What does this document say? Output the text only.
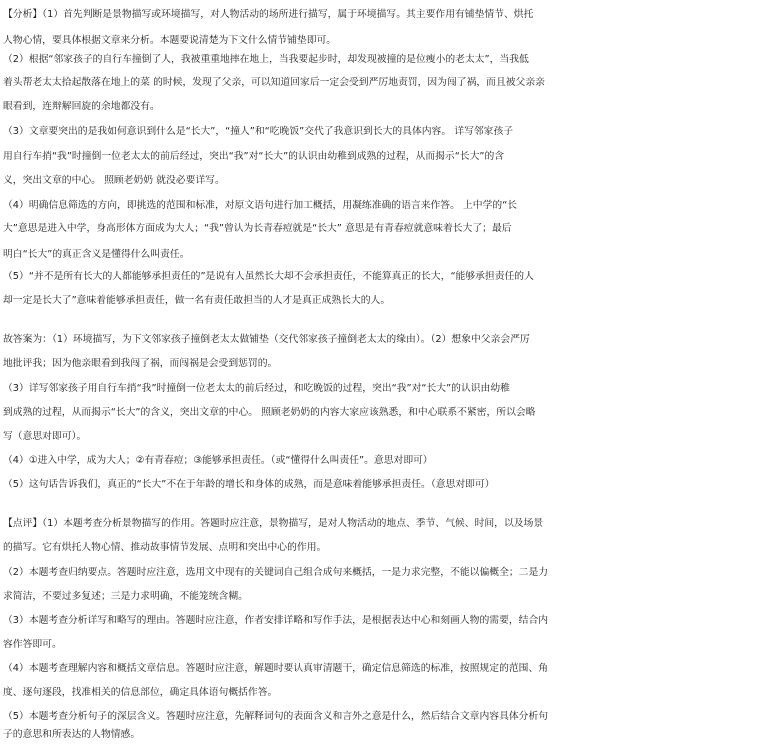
【分析】（1）首先判断是景物描写或环境描写，对人物活动的场所进行描写，属于环境描写。其主要作用有铺垫情节、烘托
人物心情，要具体根据文章来分析。本题要说清楚为下文什么情节铺垫即可。
（2）根据“邻家孩子的自行车撞倒了人，我被重重地摔在地上，当我要起步时，却发现被撞的是位瘦小的老太太”，当我低
着头帮老太太拾起散落在地上的菜 的时候，发现了父亲，可以知道回家后一定会受到严厉地责罚，因为闯了祸，而且被父亲亲
眼看到，连辩解回旋的余地都没有。
（3）文章要突出的是我如何意识到什么是“长大”，“撞人”和“吃晚饭”交代了我意识到长大的具体内容。 详写邻家孩子
用自行车捎“我”时撞倒一位老太太的前后经过，突出“我”对“长大”的认识由幼稚到成熟的过程，从而揭示“长大”的含
义，突出文章的中心。 照顾老奶奶 就没必要详写。
（4）明确信息筛选的方向，即挑选的范围和标准，对原文语句进行加工概括，用凝练准确的语言来作答。 上中学的“长
大”意思是进入中学，身高形体方面成为大人；“我”曾认为长青春痘就是“长大” 意思是有青春痘就意味着长大了；最后
明白“长大”的真正含义是懂得什么叫责任。
（5）“并不是所有长大的人都能够承担责任的”是说有人虽然长大却不会承担责任，不能算真正的长大，“能够承担责任的人
却一定是长大了”意味着能够承担责任，做一名有责任敢担当的人才是真正成熟长大的人。
故答案为：（1）环境描写，为下文邻家孩子撞倒老太太做铺垫（交代邻家孩子撞倒老太太的缘由）。（2）想象中父亲会严厉
地批评我；因为他亲眼看到我闯了祸，而闯祸是会受到惩罚的。
（3）详写邻家孩子用自行车捎“我”时撞倒一位老太太的前后经过，和吃晚饭的过程，突出“我”对“长大”的认识由幼稚
到成熟的过程，从而揭示“长大”的含义，突出文章的中心。 照顾老奶奶的内容大家应该熟悉，和中心联系不紧密，所以会略
写（意思对即可）。
（4）①进入中学，成为大人；②有青春痘；③能够承担责任。（或“懂得什么叫责任”。意思对即可）
（5）这句话告诉我们，真正的“长大”不在于年龄的增长和身体的成熟，而是意味着能够承担责任。（意思对即可）
【点评】（1）本题考查分析景物描写的作用。答题时应注意，景物描写，是对人物活动的地点、季节、气候、时间，以及场景
的描写。它有烘托人物心情、推动故事情节发展、点明和突出中心的作用。
（2）本题考查归纳要点。答题时应注意，选用文中现有的关键词自己组合成句来概括，一是力求完整，不能以偏概全；二是力
求简洁，不要过多复述；三是力求明确，不能笼统含糊。
（3）本题考查分析详写和略写的理由。答题时应注意，作者安排详略和写作手法，是根据表达中心和刻画人物的需要，结合内
容作答即可。
（4）本题考查理解内容和概括文章信息。答题时应注意，解题时要认真审清题干，确定信息筛选的标准，按照规定的范围、角
度、逐句逐段，找准相关的信息部位，确定具体语句概括作答。
（5）本题考查分析句子的深层含义。答题时应注意，先解释词句的表面含义和言外之意是什么，然后结合文章内容具体分析句
子的意思和所表达的人物情感。
